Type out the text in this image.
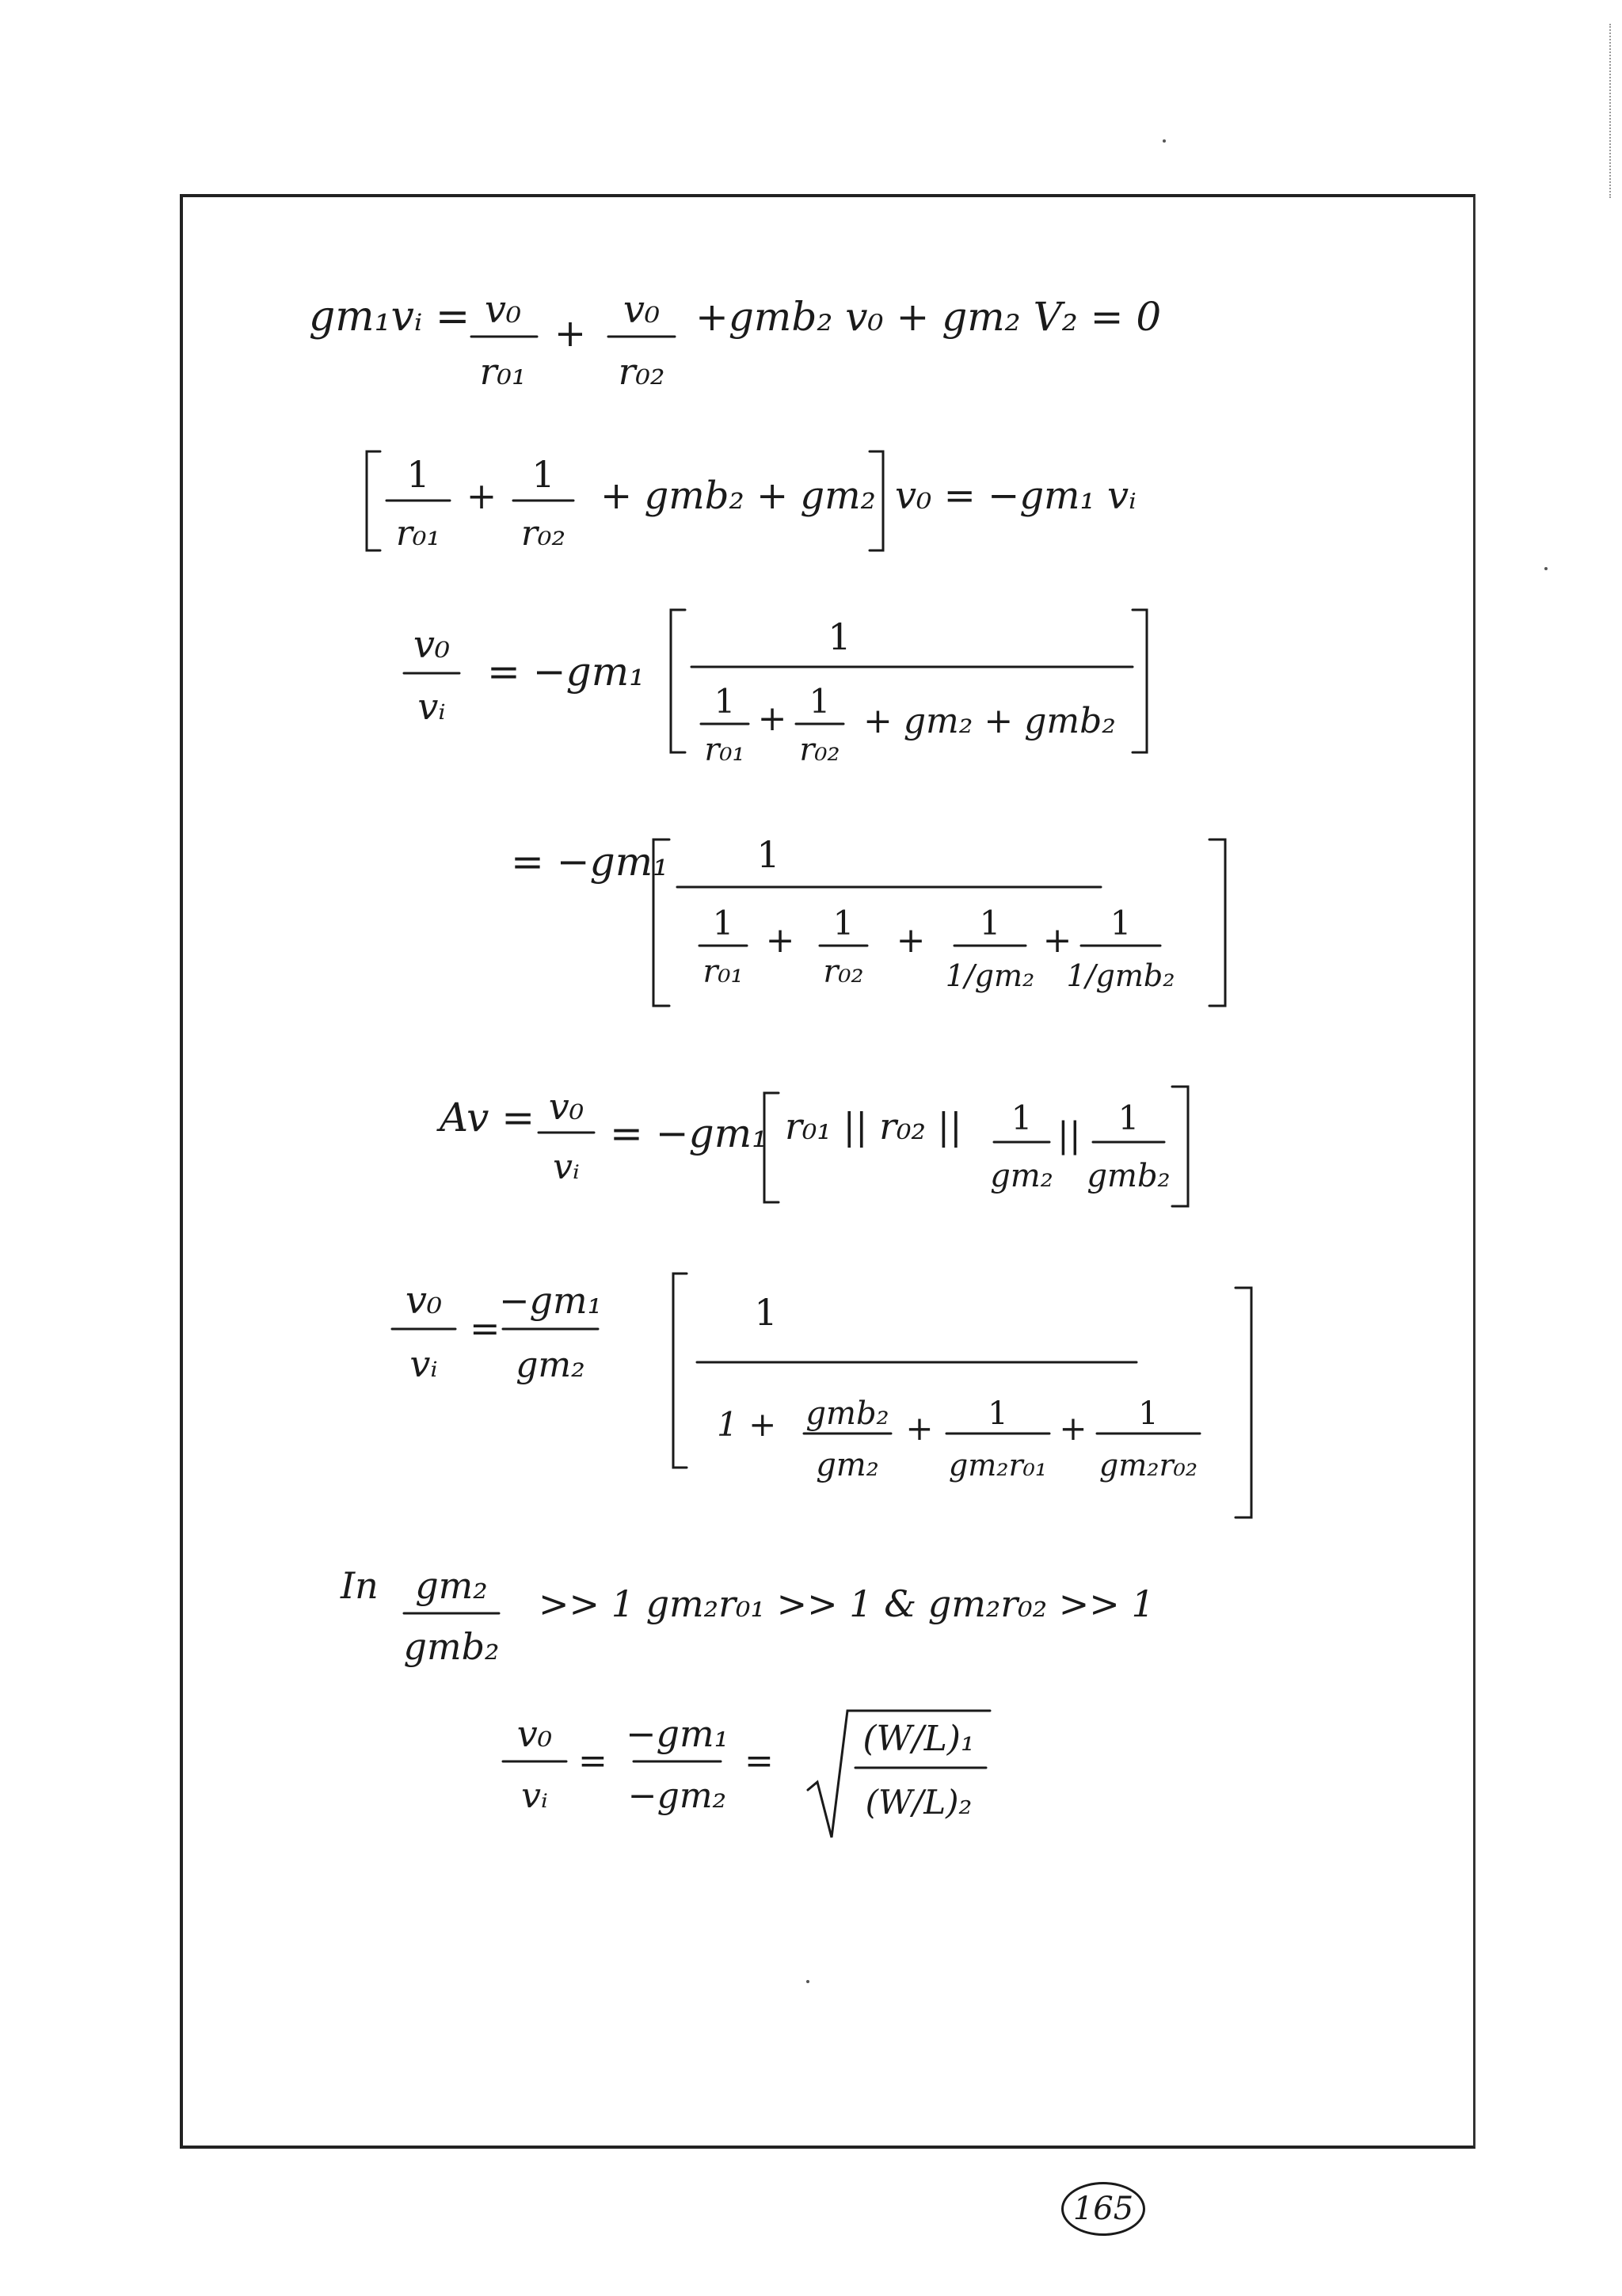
gm₁vᵢ = v₀
r₀₁
+
v₀
r₀₂
+gmb₂ v₀ + gm₂ V₂ = 0
1
r₀₁
+ 1
r₀₂
+ gmb₂ + gm₂ v₀ = −gm₁ vᵢ
v₀
vᵢ
= −gm₁
1
1
r₀₁
+ 1
r₀₂
+ gm₂ + gmb₂
= −gm₁ 1
1
r₀₁
+ 1
r₀₂
+ 1
1/gm₂
+ 1
1/gmb₂
Av = v₀
vᵢ
= −gm₁ r₀₁ || r₀₂ || 1
gm₂
|| 1
gmb₂
v₀
vᵢ
=
−gm₁
gm₂
1
1 + gmb₂
gm₂
+ 1
gm₂r₀₁
+ 1
gm₂r₀₂
In gm₂
gmb₂
>> 1 gm₂r₀₁ >> 1 & gm₂r₀₂ >> 1
v₀
vᵢ
=
−gm₁
−gm₂
=
(W/L)₁
(W/L)₂
165
